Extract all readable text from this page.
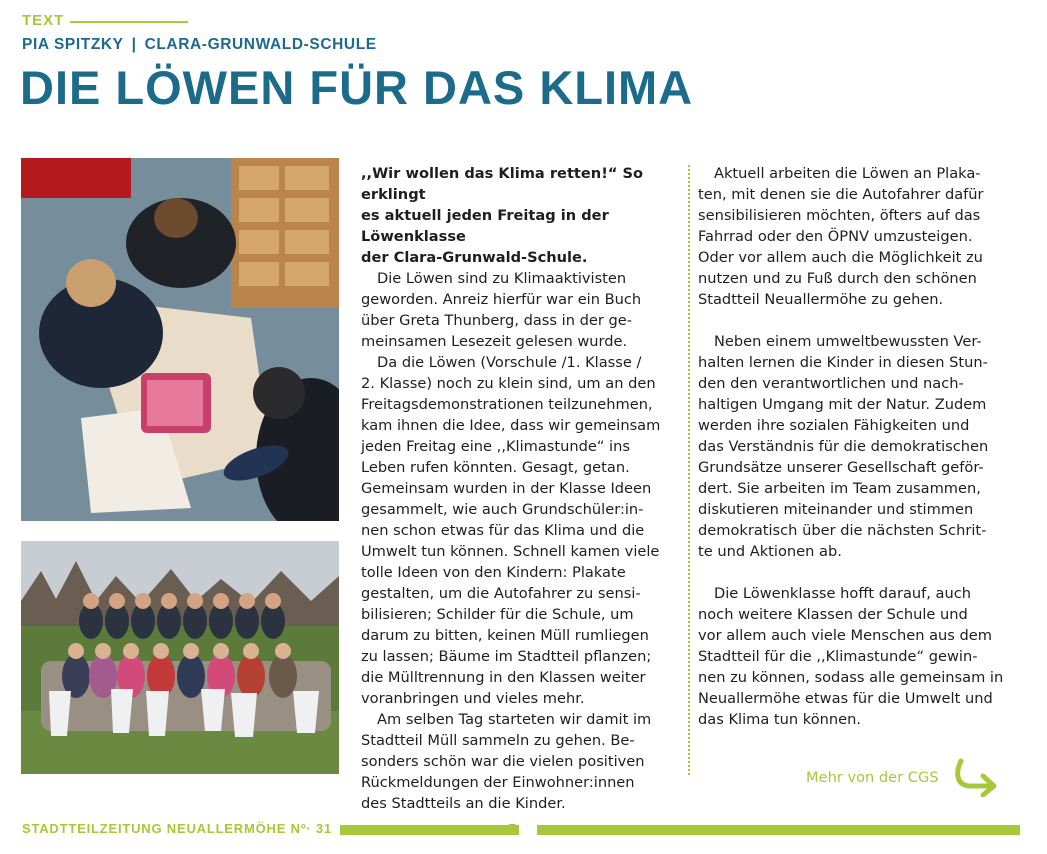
TEXT
PIA SPITZKY | CLARA-GRUNWALD-SCHULE
DIE LÖWEN FÜR DAS KLIMA

,,Wir wollen das Klima retten!“ So erklingt

es aktuell jeden Freitag in der Löwenklasse

der Clara-Grunwald-Schule.

Die Löwen sind zu Klimaaktivisten

geworden. Anreiz hierfür war ein Buch

über Greta Thunberg, dass in der ge-

meinsamen Lesezeit gelesen wurde.

Da die Löwen (Vorschule /1. Klasse /

2. Klasse) noch zu klein sind, um an den

Freitagsdemonstrationen teilzunehmen,

kam ihnen die Idee, dass wir gemeinsam

jeden Freitag eine ,,Klimastunde“ ins

Leben rufen könnten. Gesagt, getan.

Gemeinsam wurden in der Klasse Ideen

gesammelt, wie auch Grundschüler:in-

nen schon etwas für das Klima und die

Umwelt tun können. Schnell kamen viele

tolle Ideen von den Kindern: Plakate

gestalten, um die Autofahrer zu sensi-

bilisieren; Schilder für die Schule, um

darum zu bitten, keinen Müll rumliegen

zu lassen; Bäume im Stadtteil pflanzen;

die Mülltrennung in den Klassen weiter

voranbringen und vieles mehr.

Am selben Tag starteten wir damit im

Stadtteil Müll sammeln zu gehen. Be-

sonders schön war die vielen positiven

Rückmeldungen der Einwohner:innen

des Stadtteils an die Kinder.

Aktuell arbeiten die Löwen an Plaka-

ten, mit denen sie die Autofahrer dafür

sensibilisieren möchten, öfters auf das

Fahrrad oder den ÖPNV umzusteigen.

Oder vor allem auch die Möglichkeit zu

nutzen und zu Fuß durch den schönen

Stadtteil Neuallermöhe zu gehen.

Neben einem umweltbewussten Ver-

halten lernen die Kinder in diesen Stun-

den den verantwortlichen und nach-

haltigen Umgang mit der Natur. Zudem

werden ihre sozialen Fähigkeiten und

das Verständnis für die demokratischen

Grundsätze unserer Gesellschaft geför-

dert. Sie arbeiten im Team zusammen,

diskutieren miteinander und stimmen

demokratisch über die nächsten Schrit-

te und Aktionen ab.

Die Löwenklasse hofft darauf, auch

noch weitere Klassen der Schule und

vor allem auch viele Menschen aus dem

Stadtteil für die ,,Klimastunde“ gewin-

nen zu können, sodass alle gemeinsam in

Neuallermöhe etwas für die Umwelt und

das Klima tun können.

Mehr von der CGS
STADTTEILZEITUNG NEUALLERMÖHE Nº· 31	5
